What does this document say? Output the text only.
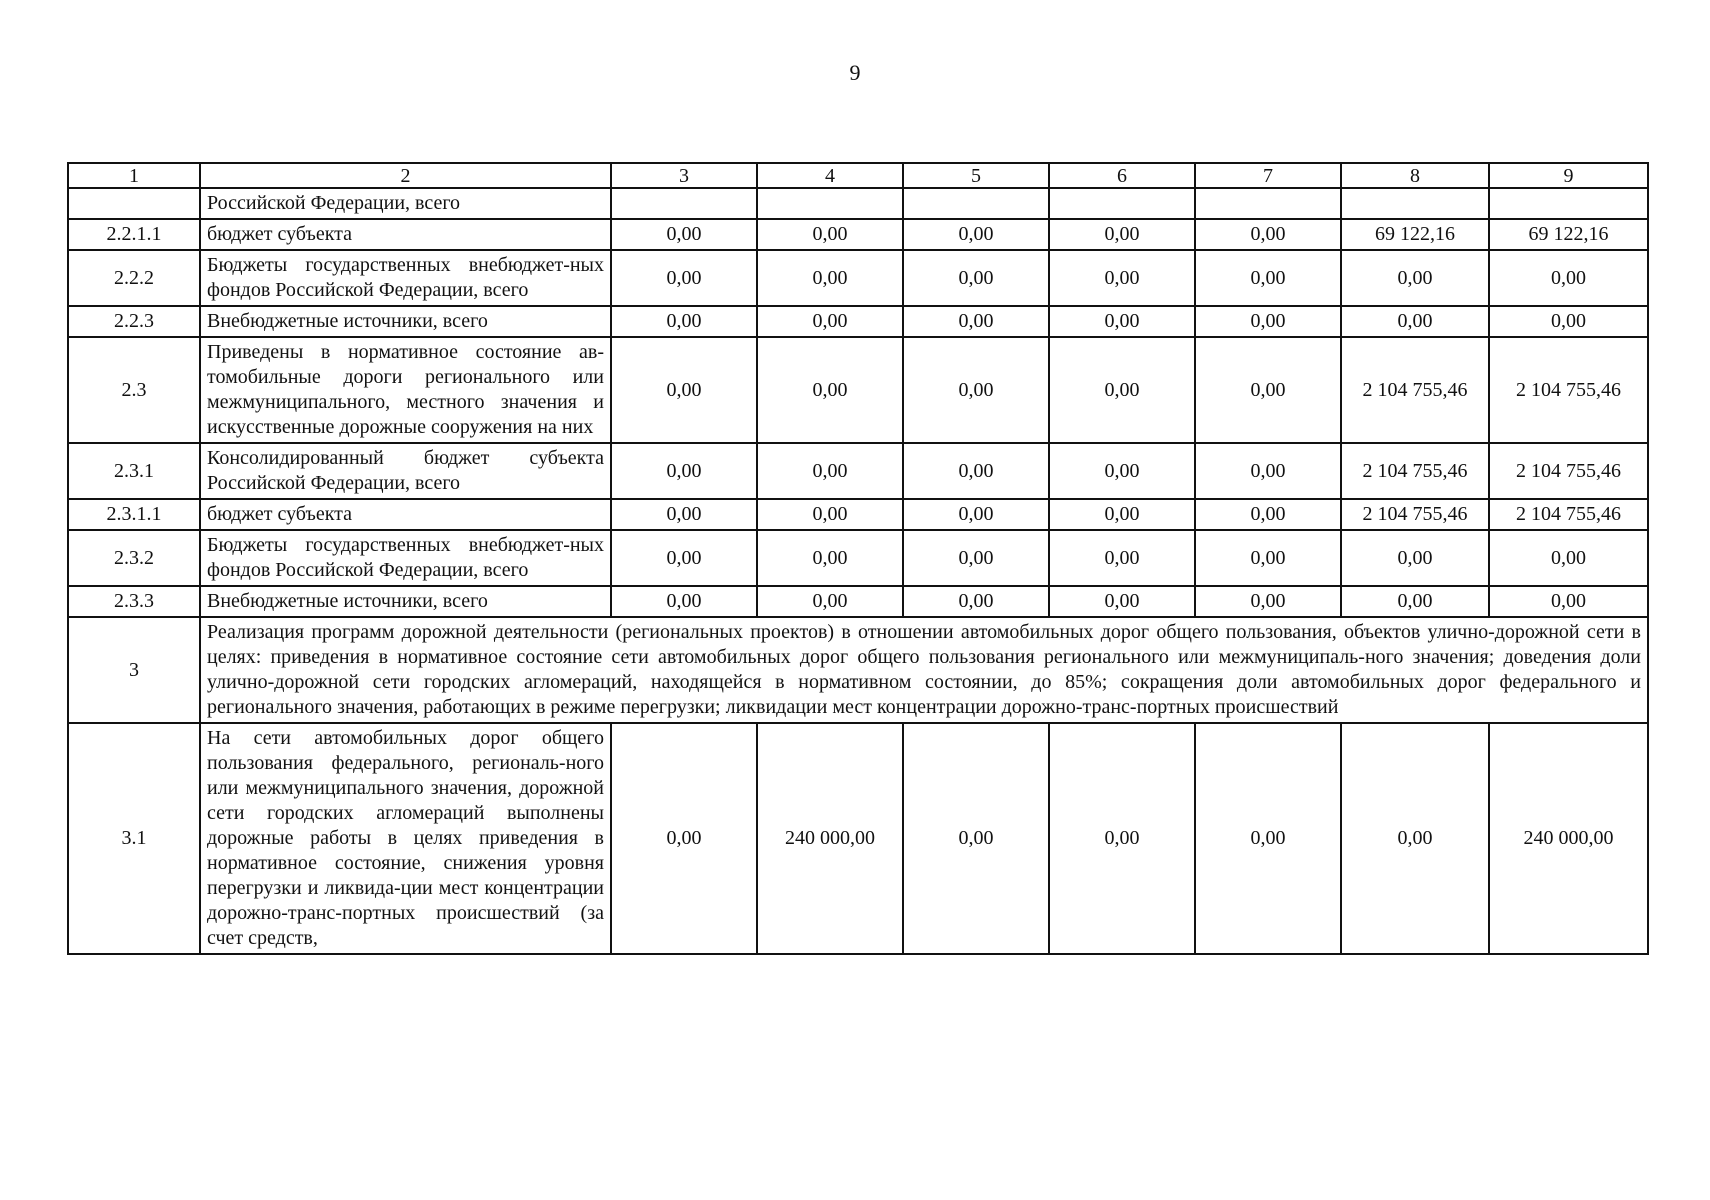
9
1	2	3	4	5	6	7	8	9
	Российской Федерации, всего							
2.2.1.1	бюджет субъекта	0,00	0,00	0,00	0,00	0,00	69 122,16	69 122,16
2.2.2	Бюджеты государственных внебюджет-ных фондов Российской Федерации, всего	0,00	0,00	0,00	0,00	0,00	0,00	0,00
2.2.3	Внебюджетные источники, всего	0,00	0,00	0,00	0,00	0,00	0,00	0,00
2.3	Приведены в нормативное состояние ав-томобильные дороги регионального или межмуниципального, местного значения и искусственные дорожные сооружения на них	0,00	0,00	0,00	0,00	0,00	2 104 755,46	2 104 755,46
2.3.1	Консолидированный бюджет субъекта Российской Федерации, всего	0,00	0,00	0,00	0,00	0,00	2 104 755,46	2 104 755,46
2.3.1.1	бюджет субъекта	0,00	0,00	0,00	0,00	0,00	2 104 755,46	2 104 755,46
2.3.2	Бюджеты государственных внебюджет-ных фондов Российской Федерации, всего	0,00	0,00	0,00	0,00	0,00	0,00	0,00
2.3.3	Внебюджетные источники, всего	0,00	0,00	0,00	0,00	0,00	0,00	0,00
3	Реализация программ дорожной деятельности (региональных проектов) в отношении автомобильных дорог общего пользования, объектов улично-дорожной сети в целях: приведения в нормативное состояние сети автомобильных дорог общего пользования регионального или межмуниципаль-ного значения; доведения доли улично-дорожной сети городских агломераций, находящейся в нормативном состоянии, до 85%; сокращения доли автомобильных дорог федерального и регионального значения, работающих в режиме перегрузки; ликвидации мест концентрации дорожно-транс-портных происшествий							
3.1	На сети автомобильных дорог общего пользования федерального, региональ-ного или межмуниципального значения, дорожной сети городских агломераций выполнены дорожные работы в целях приведения в нормативное состояние, снижения уровня перегрузки и ликвида-ции мест концентрации дорожно-транс-портных происшествий (за счет средств,	0,00	240 000,00	0,00	0,00	0,00	0,00	240 000,00
